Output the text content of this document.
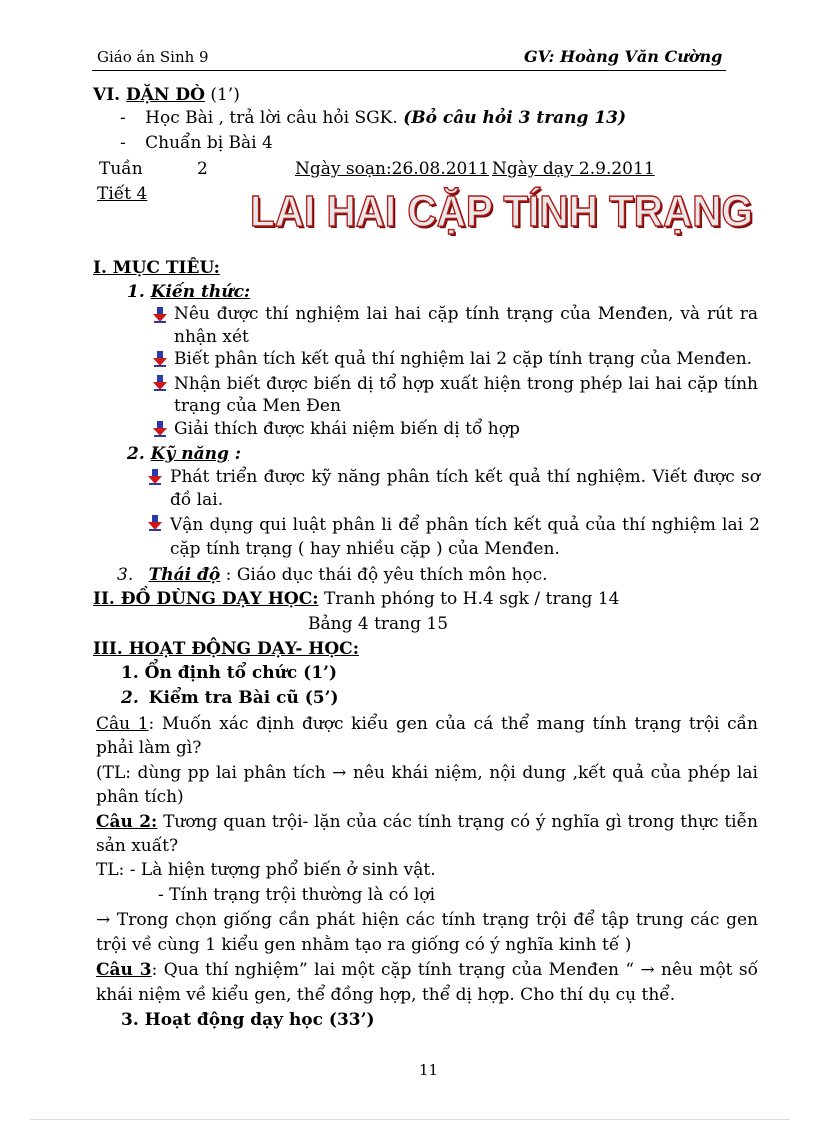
Giáo án Sinh 9	GV: Hoàng Văn Cường
VI. DẶN DÒ (1’)
- Học Bài , trả lời câu hỏi SGK. (Bỏ câu hỏi 3 trang 13)
- Chuẩn bị Bài 4
Tuần	2	Ngày soạn:26.08.2011 Ngày dạy 2.9.2011
Tiết 4 LAI HAI CẶP TÍNH TRẠNG
I. MỤC TIÊU:
1. Kiến thức:
Nêu được thí nghiệm lai hai cặp tính trạng của Menđen, và rút ra nhận xét
Biết phân tích kết quả thí nghiệm lai 2 cặp tính trạng của Menđen.
Nhận biết được biến dị tổ hợp xuất hiện trong phép lai hai cặp tính trạng của Men Đen
Giải thích được khái niệm biến dị tổ hợp
2. Kỹ năng :
Phát triển được kỹ năng phân tích kết quả thí nghiệm. Viết được sơ đồ lai.
Vận dụng qui luật phân li để phân tích kết quả của thí nghiệm lai 2 cặp tính trạng ( hay nhiều cặp ) của Menđen.
3. Thái độ : Giáo dục thái độ yêu thích môn học.
II. ĐỒ DÙNG DẠY HỌC: Tranh phóng to H.4 sgk / trang 14
Bảng 4 trang 15
III. HOẠT ĐỘNG DẠY- HỌC:
1. Ổn định tổ chức (1’)
2. Kiểm tra Bài cũ (5’)
Câu 1: Muốn xác định được kiểu gen của cá thể mang tính trạng trội cần phải làm gì?
(TL: dùng pp lai phân tích → nêu khái niệm, nội dung ,kết quả của phép lai phân tích)
Câu 2: Tương quan trội- lặn của các tính trạng có ý nghĩa gì trong thực tiễn sản xuất?
TL: - Là hiện tượng phổ biến ở sinh vật.
- Tính trạng trội thường là có lợi
→ Trong chọn giống cần phát hiện các tính trạng trội để tập trung các gen trội về cùng 1 kiểu gen nhằm tạo ra giống có ý nghĩa kinh tế )
Câu 3: Qua thí nghiệm” lai một cặp tính trạng của Menđen “ → nêu một số khái niệm về kiểu gen, thể đồng hợp, thể dị hợp. Cho thí dụ cụ thể.
3. Hoạt động dạy học (33’)
11
